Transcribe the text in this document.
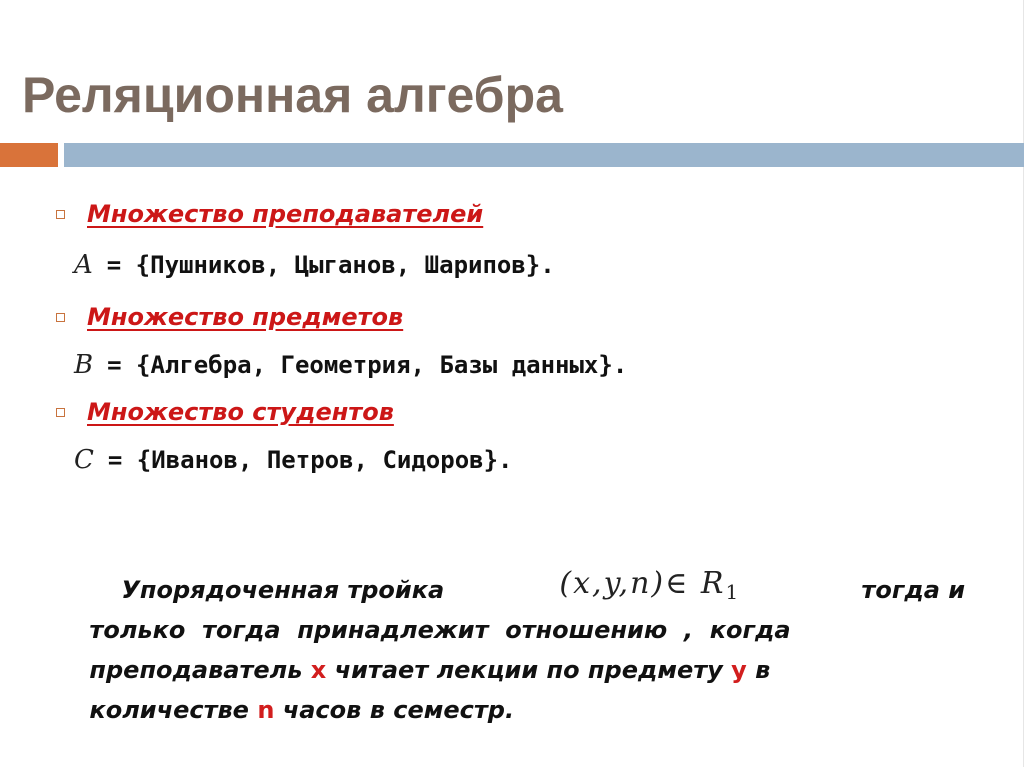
Реляционная алгебра
Множество преподавателей
A = {Пушников, Цыганов, Шарипов}.
Множество предметов
B = {Алгебра, Геометрия, Базы данных}.
Множество студентов
C = {Иванов, Петров, Сидоров}.

Упорядоченная тройка
	(x,y,n)∈ $R_1$
	тогда и

только  тогда  принадлежит  отношению  ,  когда

преподаватель x читает лекции по предмету y в

количестве n часов в семестр.
